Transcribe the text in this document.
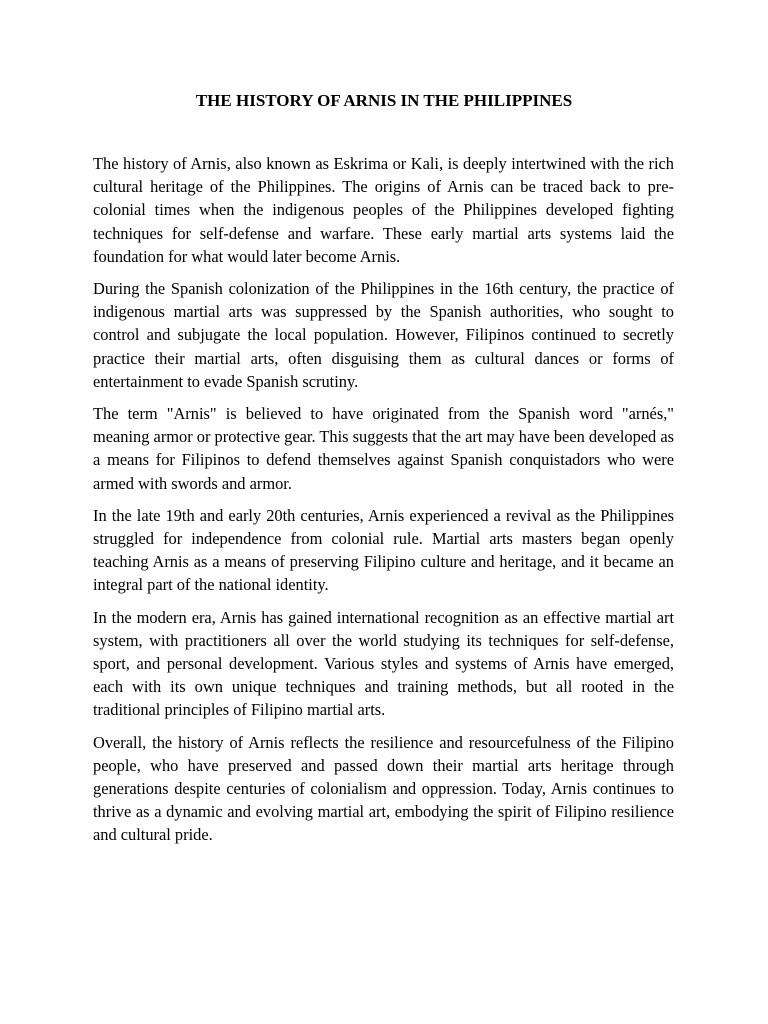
THE HISTORY OF ARNIS IN THE PHILIPPINES

The history of Arnis, also known as Eskrima or Kali, is deeply intertwined with the rich cultural heritage of the Philippines. The origins of Arnis can be traced back to pre-colonial times when the indigenous peoples of the Philippines developed fighting techniques for self-defense and warfare. These early martial arts systems laid the foundation for what would later become Arnis.

During the Spanish colonization of the Philippines in the 16th century, the practice of indigenous martial arts was suppressed by the Spanish authorities, who sought to control and subjugate the local population. However, Filipinos continued to secretly practice their martial arts, often disguising them as cultural dances or forms of entertainment to evade Spanish scrutiny.

The term "Arnis" is believed to have originated from the Spanish word "arnés," meaning armor or protective gear. This suggests that the art may have been developed as a means for Filipinos to defend themselves against Spanish conquistadors who were armed with swords and armor.

In the late 19th and early 20th centuries, Arnis experienced a revival as the Philippines struggled for independence from colonial rule. Martial arts masters began openly teaching Arnis as a means of preserving Filipino culture and heritage, and it became an integral part of the national identity.

In the modern era, Arnis has gained international recognition as an effective martial art system, with practitioners all over the world studying its techniques for self-defense, sport, and personal development. Various styles and systems of Arnis have emerged, each with its own unique techniques and training methods, but all rooted in the traditional principles of Filipino martial arts.

Overall, the history of Arnis reflects the resilience and resourcefulness of the Filipino people, who have preserved and passed down their martial arts heritage through generations despite centuries of colonialism and oppression. Today, Arnis continues to thrive as a dynamic and evolving martial art, embodying the spirit of Filipino resilience and cultural pride.
